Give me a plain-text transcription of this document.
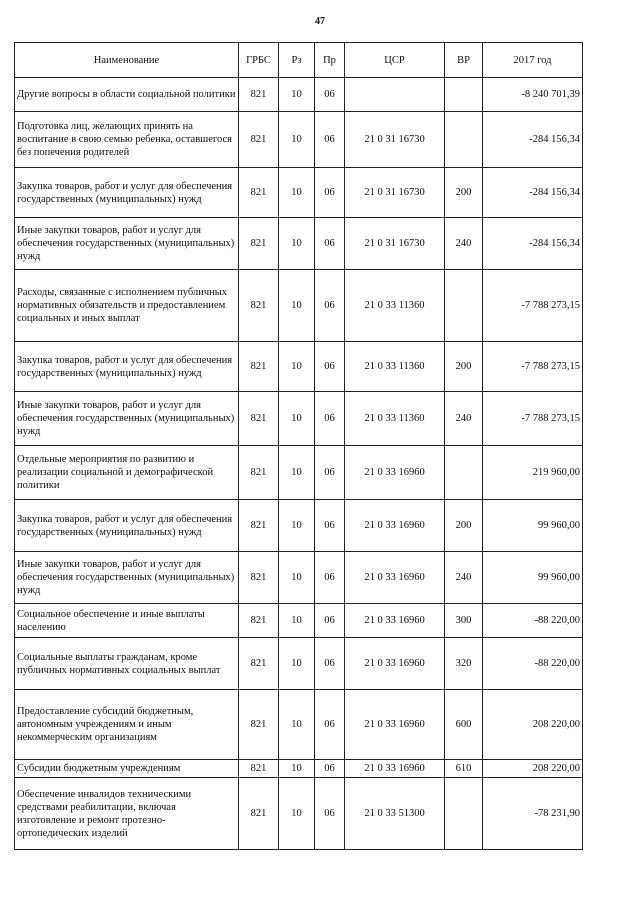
47
Наименование	ГРБС	Рз	Пр	ЦСР	ВР	2017 год
Другие вопросы в области социальной политики	821	10	06			-8 240 701,39
Подготовка лиц, желающих принять на воспитание в свою семью ребенка, оставшегося без попечения родителей	821	10	06	21 0 31 16730		-284 156,34
Закупка товаров, работ и услуг для обеспечения государственных (муниципальных) нужд	821	10	06	21 0 31 16730	200	-284 156,34
Иные закупки товаров, работ и услуг для обеспечения государственных (муниципальных) нужд	821	10	06	21 0 31 16730	240	-284 156,34
Расходы, связанные с исполнением публичных нормативных обязательств и предоставлением социальных и иных выплат	821	10	06	21 0 33 11360		-7 788 273,15
Закупка товаров, работ и услуг для обеспечения государственных (муниципальных) нужд	821	10	06	21 0 33 11360	200	-7 788 273,15
Иные закупки товаров, работ и услуг для обеспечения государственных (муниципальных) нужд	821	10	06	21 0 33 11360	240	-7 788 273,15
Отдельные мероприятия по развитию и реализации социальной и демографической политики	821	10	06	21 0 33 16960		219 960,00
Закупка товаров, работ и услуг для обеспечения государственных (муниципальных) нужд	821	10	06	21 0 33 16960	200	99 960,00
Иные закупки товаров, работ и услуг для обеспечения государственных (муниципальных) нужд	821	10	06	21 0 33 16960	240	99 960,00
Социальное обеспечение и иные выплаты населению	821	10	06	21 0 33 16960	300	-88 220,00
Социальные выплаты гражданам, кроме публичных нормативных социальных выплат	821	10	06	21 0 33 16960	320	-88 220,00
Предоставление субсидий бюджетным, автономным учреждениям и иным некоммерческим организациям	821	10	06	21 0 33 16960	600	208 220,00
Субсидии бюджетным учреждениям	821	10	06	21 0 33 16960	610	208 220,00
Обеспечение инвалидов техническими средствами реабилитации, включая изготовление и ремонт протезно-ортопедических изделий	821	10	06	21 0 33 51300		-78 231,90
